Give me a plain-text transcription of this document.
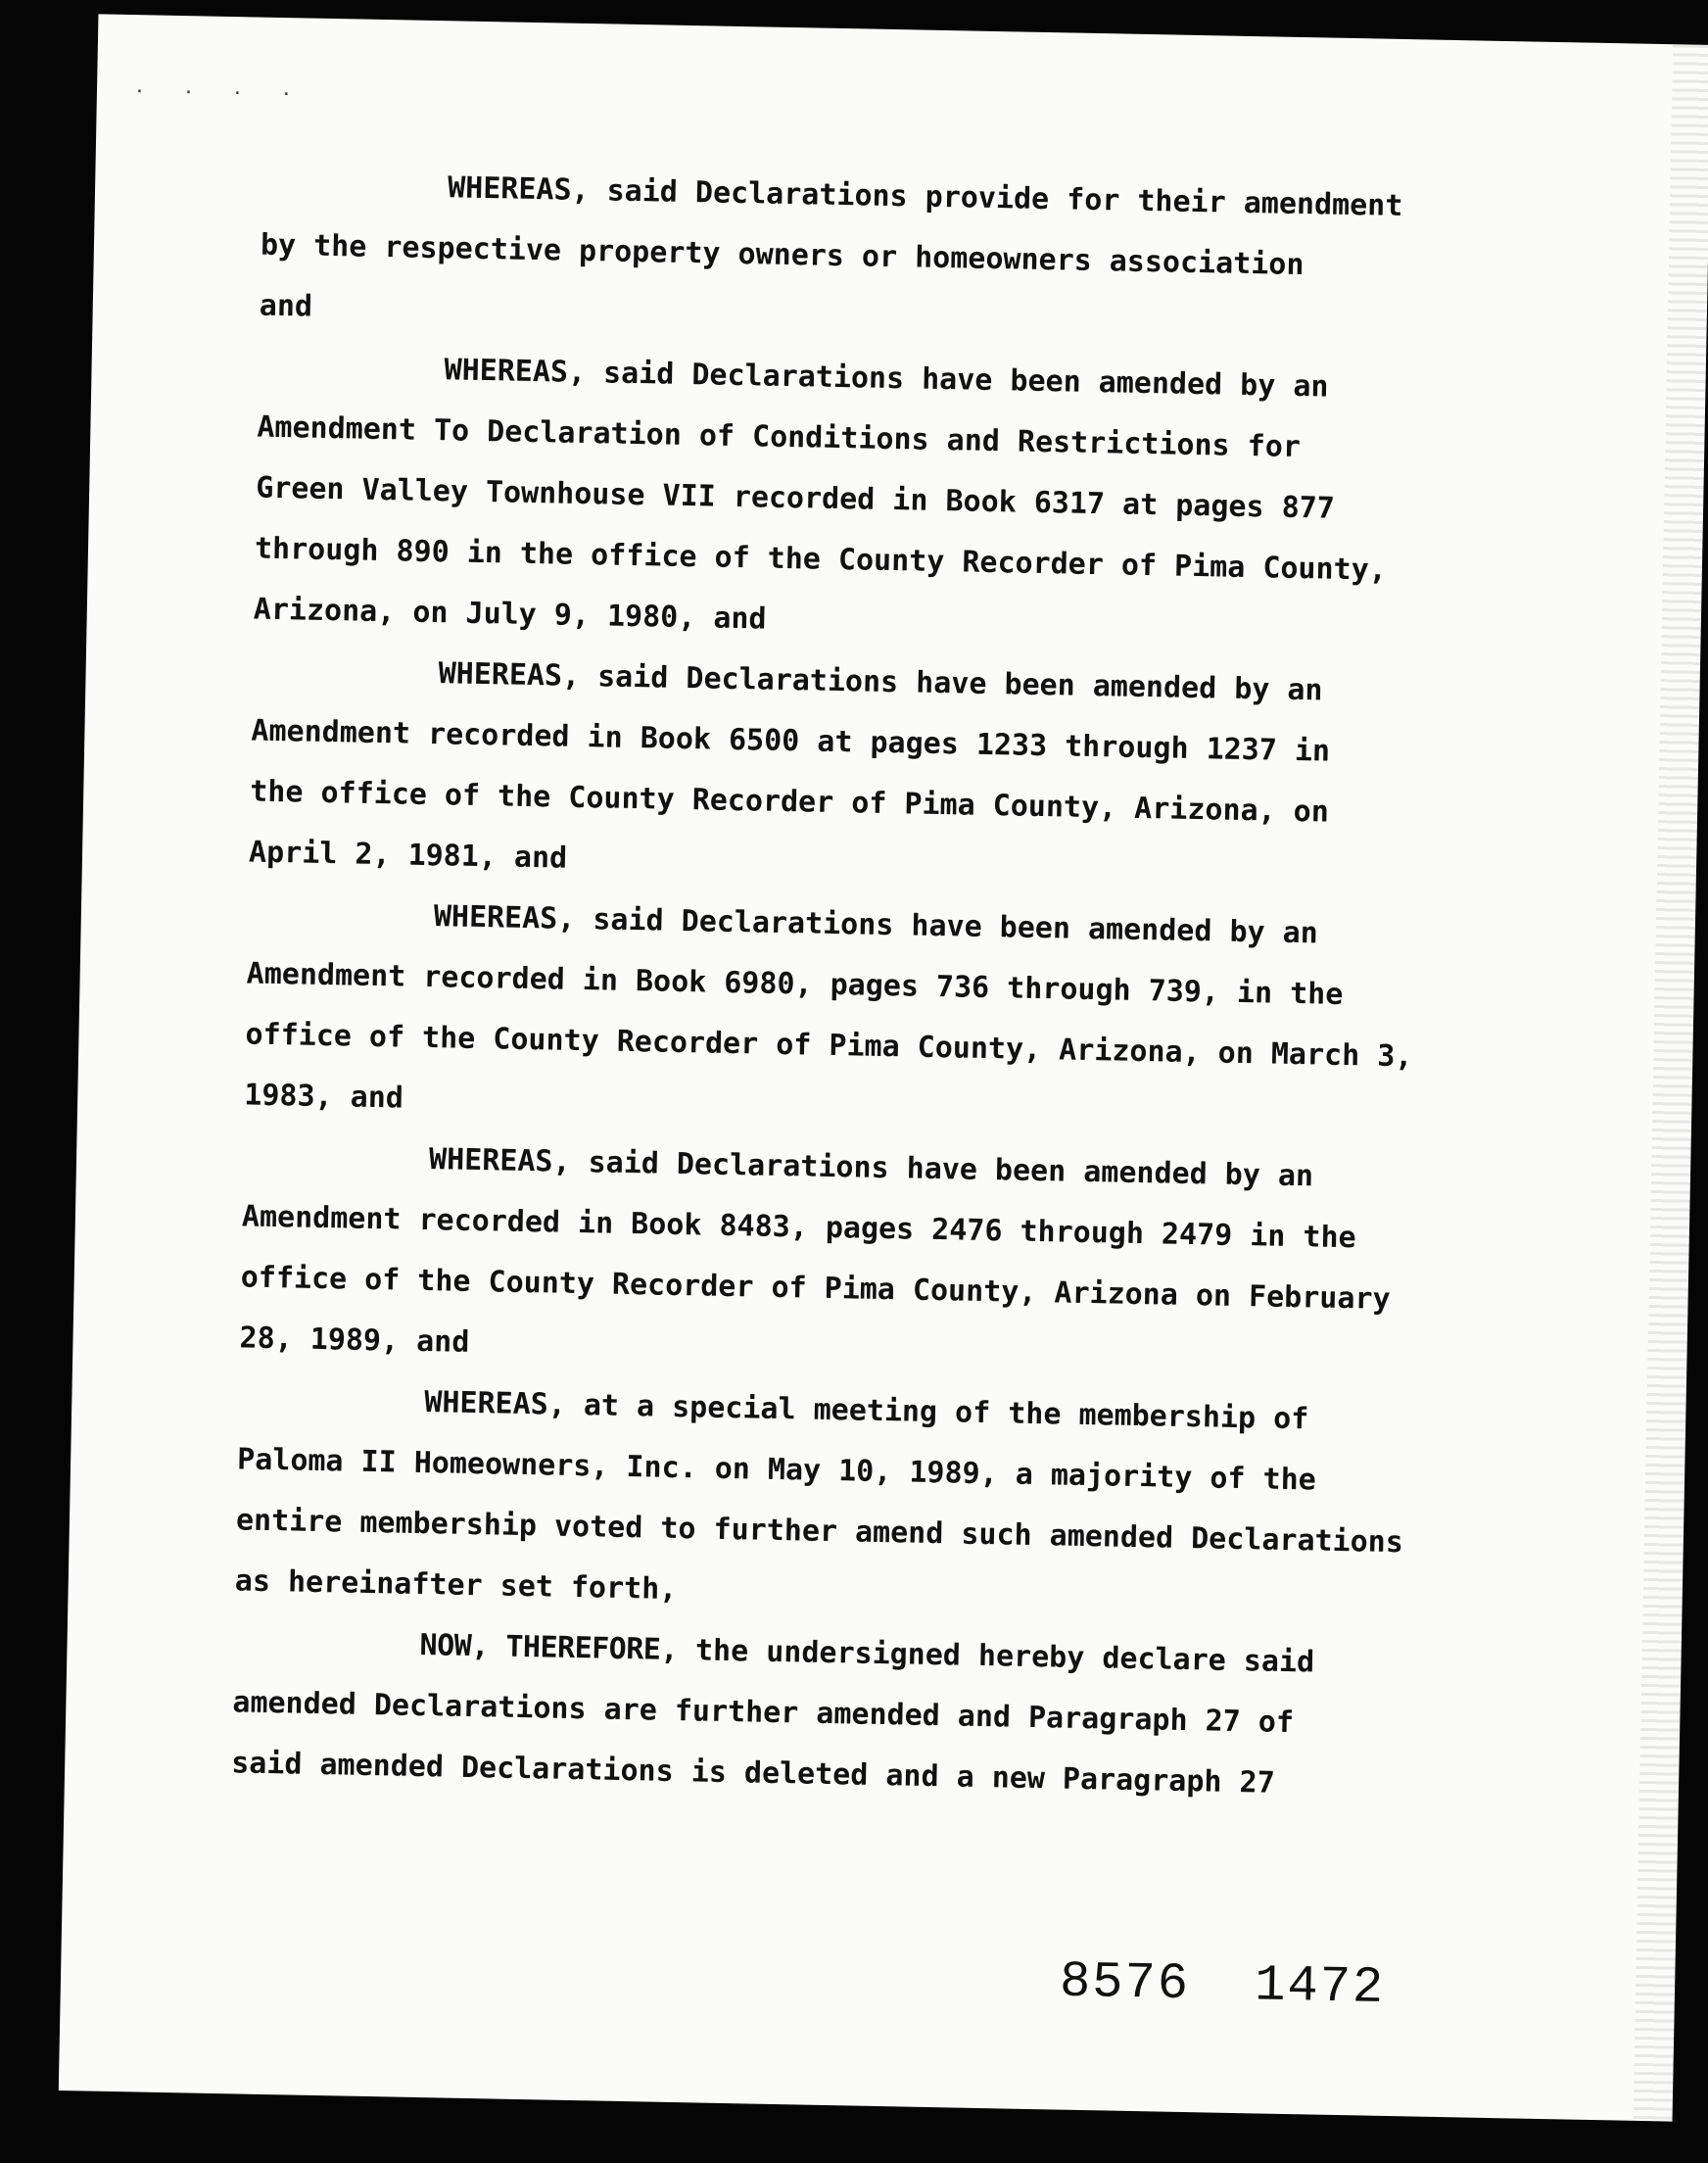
. . . .
WHEREAS, said Declarations provide for their amendment
by the respective property owners or homeowners association
and
WHEREAS, said Declarations have been amended by an
Amendment To Declaration of Conditions and Restrictions for
Green Valley Townhouse VII recorded in Book 6317 at pages 877
through 890 in the office of the County Recorder of Pima County,
Arizona, on July 9, 1980, and
WHEREAS, said Declarations have been amended by an
Amendment recorded in Book 6500 at pages 1233 through 1237 in
the office of the County Recorder of Pima County, Arizona, on
April 2, 1981, and
WHEREAS, said Declarations have been amended by an
Amendment recorded in Book 6980, pages 736 through 739, in the
office of the County Recorder of Pima County, Arizona, on March 3,
1983, and
WHEREAS, said Declarations have been amended by an
Amendment recorded in Book 8483, pages 2476 through 2479 in the
office of the County Recorder of Pima County, Arizona on February
28, 1989, and
WHEREAS, at a special meeting of the membership of
Paloma II Homeowners, Inc. on May 10, 1989, a majority of the
entire membership voted to further amend such amended Declarations
as hereinafter set forth,
NOW, THEREFORE, the undersigned hereby declare said
amended Declarations are further amended and Paragraph 27 of
said amended Declarations is deleted and a new Paragraph 27
8576  1472
